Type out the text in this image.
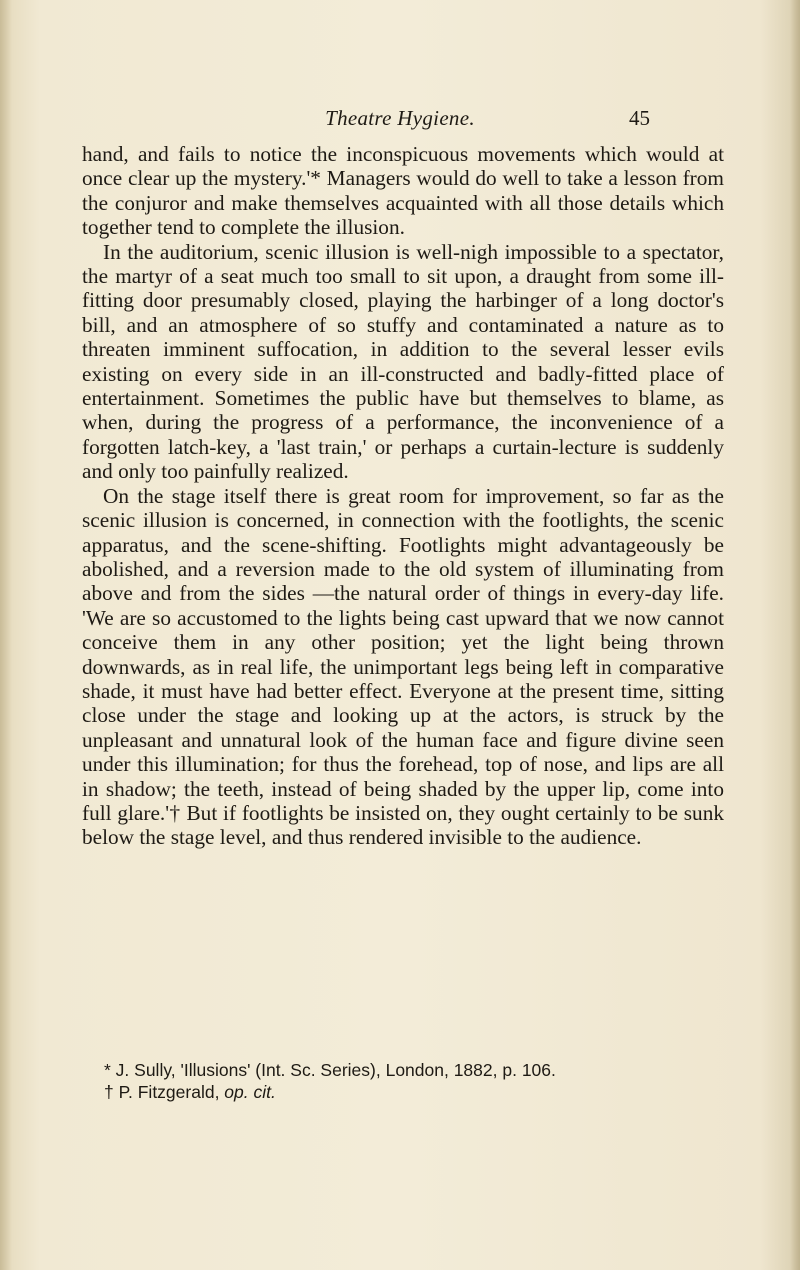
Theatre Hygiene.	45

hand, and fails to notice the inconspicuous movements which would at once clear up the mystery.'* Managers would do well to take a lesson from the conjuror and make themselves acquainted with all those details which together tend to complete the illusion.

In the auditorium, scenic illusion is well-nigh impossible to a spectator, the martyr of a seat much too small to sit upon, a draught from some ill-fitting door presumably closed, playing the harbinger of a long doctor's bill, and an atmosphere of so stuffy and contaminated a nature as to threaten imminent suffocation, in addition to the several lesser evils existing on every side in an ill-constructed and badly-fitted place of entertainment. Sometimes the public have but themselves to blame, as when, during the progress of a performance, the inconvenience of a forgotten latch-key, a 'last train,' or perhaps a curtain-lecture is suddenly and only too painfully realized.

On the stage itself there is great room for improvement, so far as the scenic illusion is concerned, in connection with the footlights, the scenic apparatus, and the scene-shifting. Footlights might advantageously be abolished, and a reversion made to the old system of illuminating from above and from the sides —the natural order of things in every-day life. 'We are so accustomed to the lights being cast upward that we now cannot conceive them in any other position; yet the light being thrown downwards, as in real life, the unimportant legs being left in comparative shade, it must have had better effect. Everyone at the present time, sitting close under the stage and looking up at the actors, is struck by the unpleasant and unnatural look of the human face and figure divine seen under this illumination; for thus the forehead, top of nose, and lips are all in shadow; the teeth, instead of being shaded by the upper lip, come into full glare.'† But if footlights be insisted on, they ought certainly to be sunk below the stage level, and thus rendered invisible to the audience.

* J. Sully, 'Illusions' (Int. Sc. Series), London, 1882, p. 106.
† P. Fitzgerald, op. cit.
